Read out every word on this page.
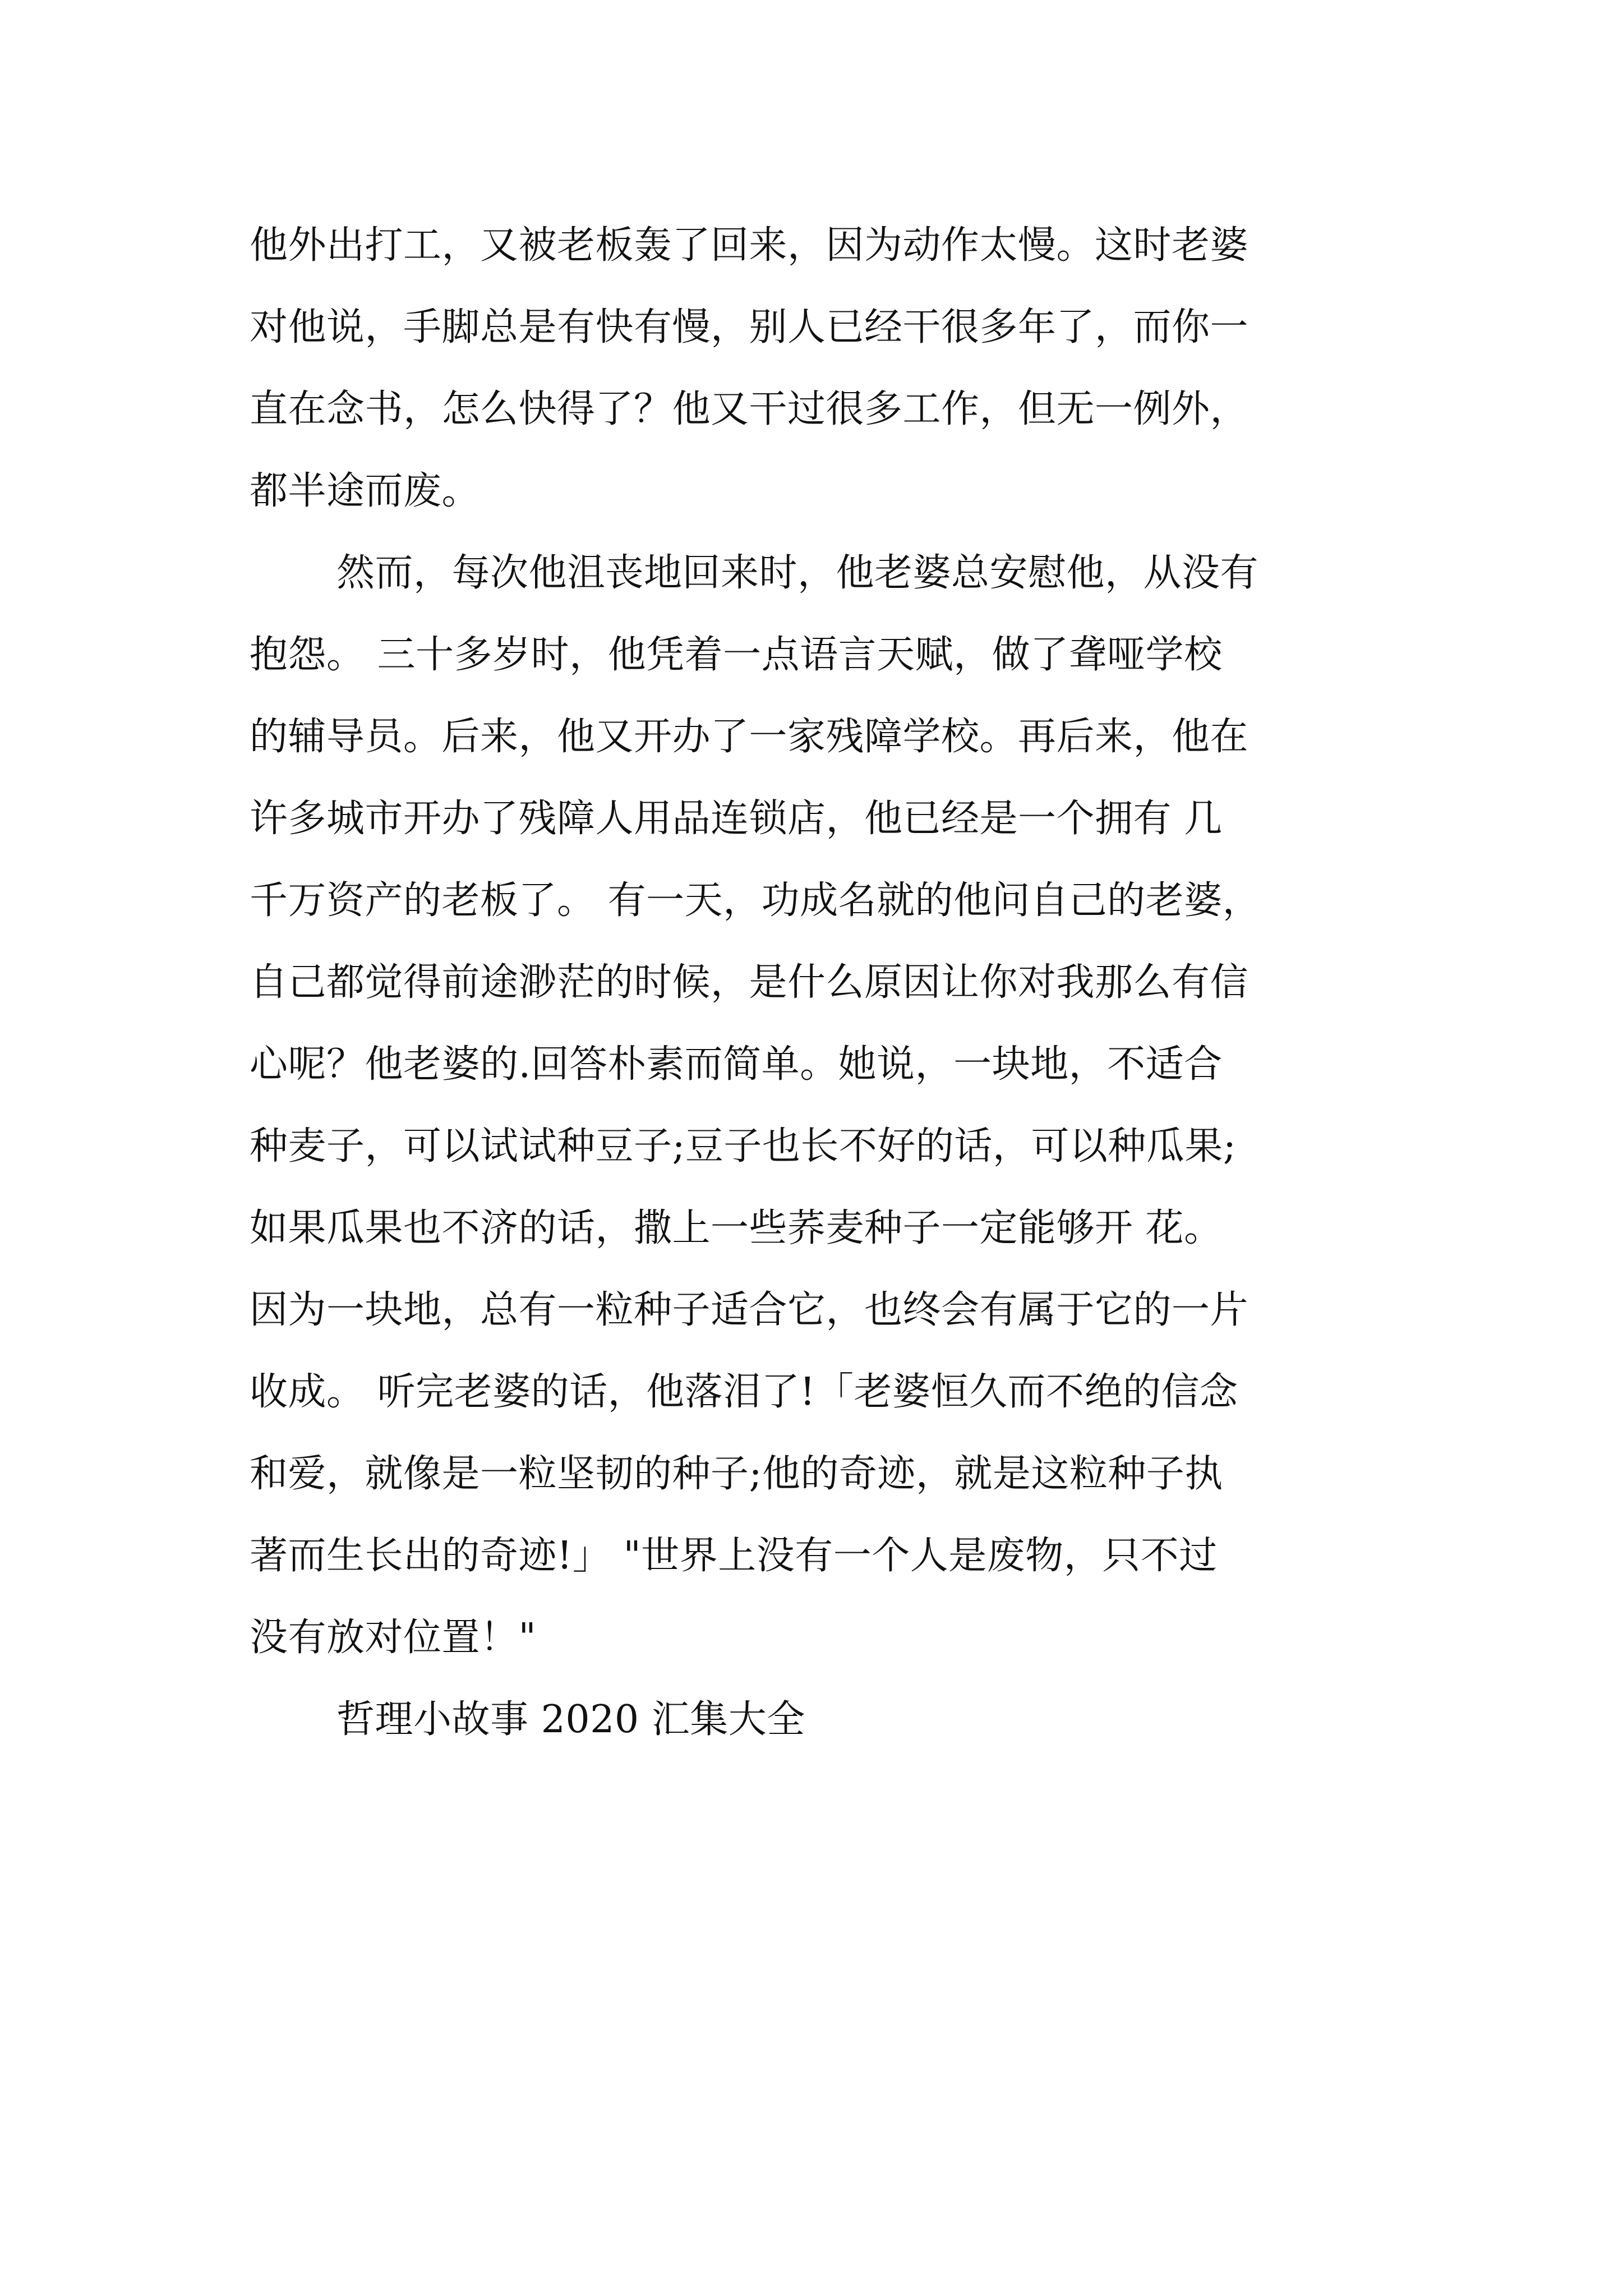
他外出打工，又被老板轰了回来，因为动作太慢。这时老婆
对他说，手脚总是有快有慢，别人已经干很多年了，而你一
直在念书，怎么快得了？他又干过很多工作，但无一例外，
都半途而废。
然而，每次他沮丧地回来时，他老婆总安慰他，从没有
抱怨。 三十多岁时，他凭着一点语言天赋，做了聋哑学校
的辅导员。后来，他又开办了一家残障学校。再后来，他在
许多城市开办了残障人用品连锁店，他已经是一个拥有 几
千万资产的老板了。 有一天，功成名就的他问自己的老婆，
自己都觉得前途渺茫的时候，是什么原因让你对我那么有信
心呢？他老婆的.回答朴素而简单。她说，一块地，不适合
种麦子，可以试试种豆子;豆子也长不好的话，可以种瓜果;
如果瓜果也不济的话，撒上一些荞麦种子一定能够开 花。
因为一块地，总有一粒种子适合它，也终会有属于它的一片
收成。 听完老婆的话，他落泪了!「老婆恒久而不绝的信念
和爱，就像是一粒坚韧的种子;他的奇迹，就是这粒种子执
著而生长出的奇迹!」 "世界上没有一个人是废物，只不过
没有放对位置！"
哲理小故事 2020 汇集大全
